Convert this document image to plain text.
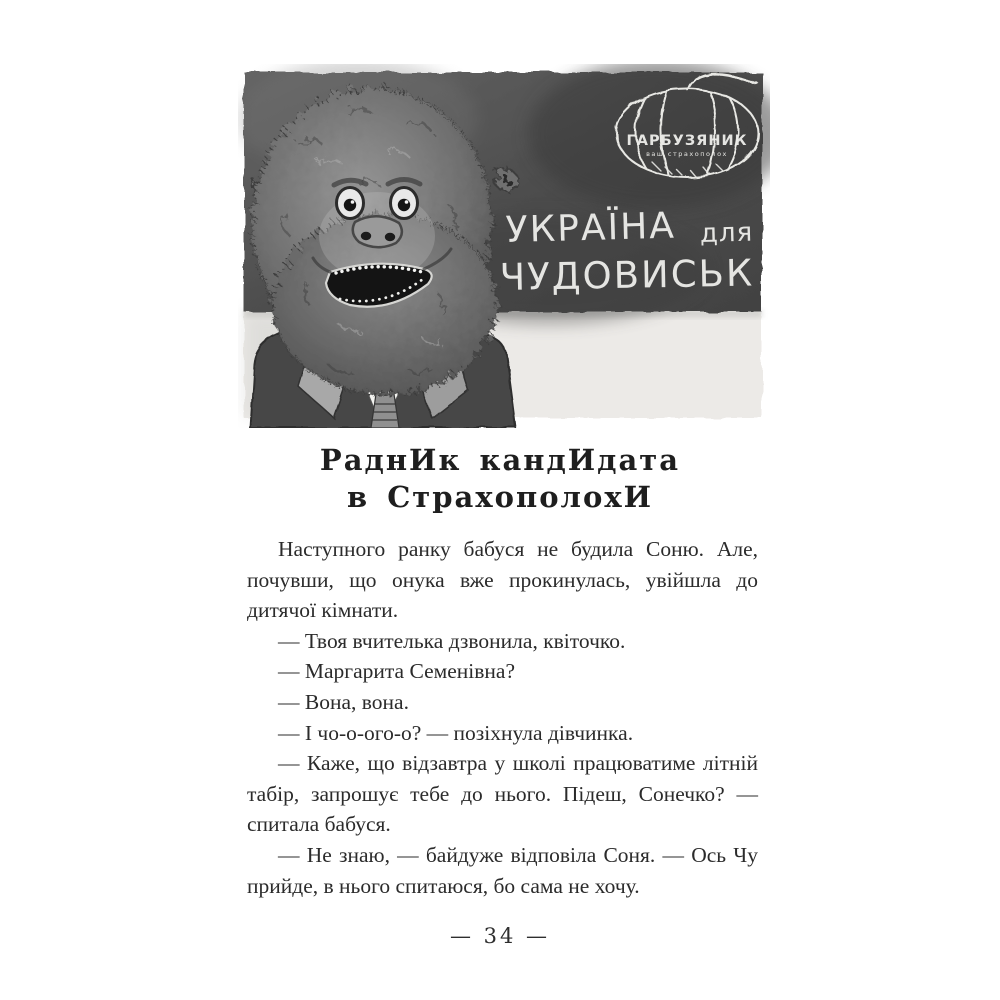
ГАРБУЗЯНИК
ваш страхополох
УКРАЇНА для
ЧУДОВИСЬК
РаднИк кандИдата
в СтрахополохИ

Наступного ранку бабуся не будила Соню. Але, почувши, що онука вже прокинулась, увійшла до дитячої кімнати.

— Твоя вчителька дзвонила, квіточко.

— Маргарита Семенівна?

— Вона, вона.

— І чо-о-ого-о? — позіхнула дівчинка.

— Каже, що відзавтра у школі працюватиме літній табір, запрошує тебе до нього. Підеш, Сонечко? — спитала бабуся.

— Не знаю, — байдуже відповіла Соня. — Ось Чу прийде, в нього спитаюся, бо сама не хочу.

— 34 —
